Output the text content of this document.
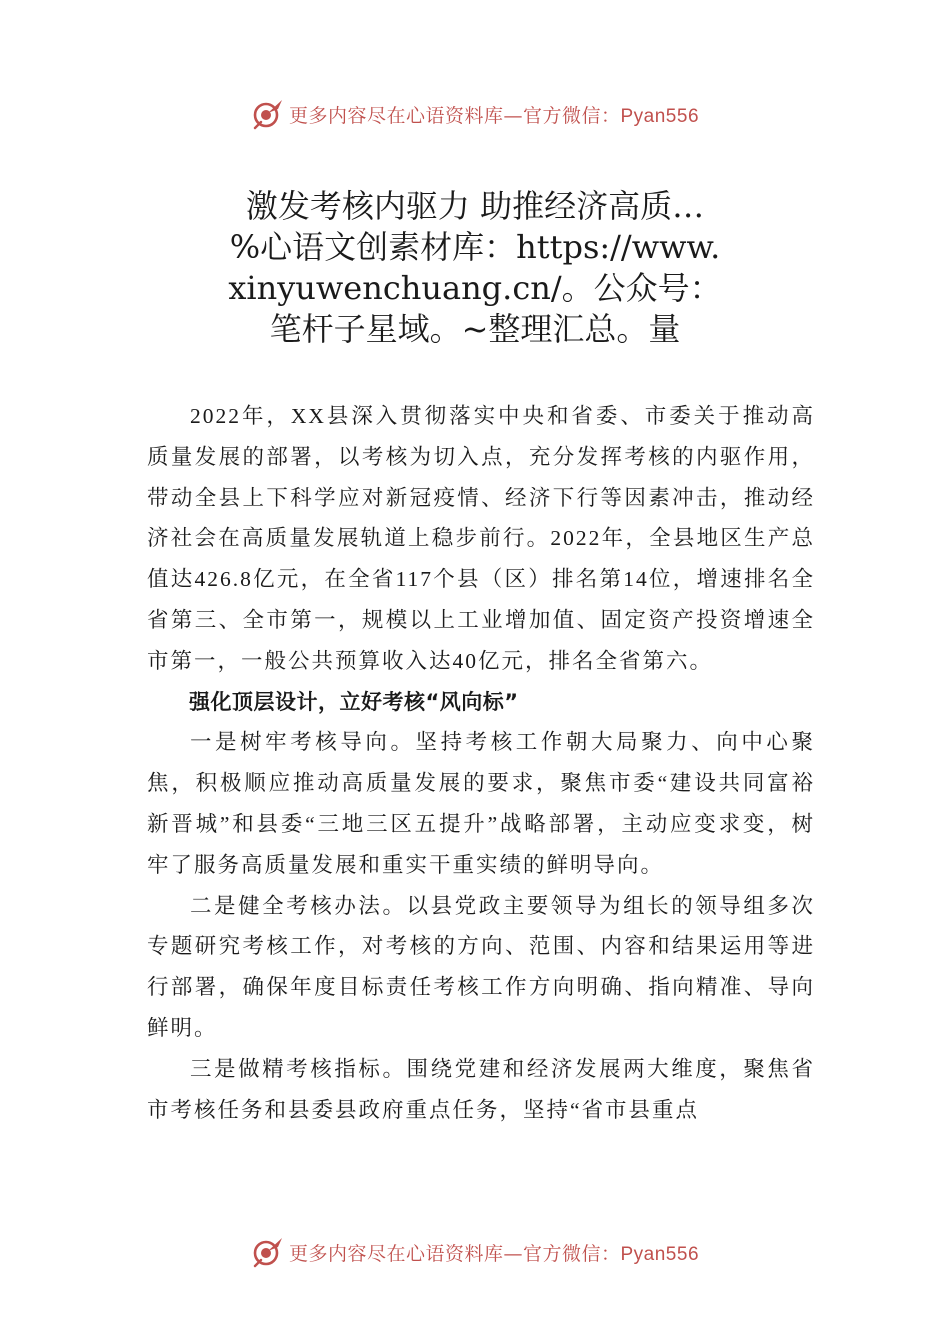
更多内容尽在心语资料库—官方微信：Pyan556
激发考核内驱力 助推经济高质…
%心语文创素材库：https://www.
xinyuwenchuang.cn/。公众号：
笔杆子星域。~整理汇总。量

2022年，XX县深入贯彻落实中央和省委、市委关于推动高质量发展的部署，以考核为切入点，充分发挥考核的内驱作用，带动全县上下科学应对新冠疫情、经济下行等因素冲击，推动经济社会在高质量发展轨道上稳步前行。2022年，全县地区生产总值达426.8亿元，在全省117个县（区）排名第14位，增速排名全省第三、全市第一，规模以上工业增加值、固定资产投资增速全市第一，一般公共预算收入达40亿元，排名全省第六。

强化顶层设计，立好考核“风向标”

一是树牢考核导向。坚持考核工作朝大局聚力、向中心聚焦，积极顺应推动高质量发展的要求，聚焦市委“建设共同富裕新晋城”和县委“三地三区五提升”战略部署，主动应变求变，树牢了服务高质量发展和重实干重实绩的鲜明导向。

二是健全考核办法。以县党政主要领导为组长的领导组多次专题研究考核工作，对考核的方向、范围、内容和结果运用等进行部署，确保年度目标责任考核工作方向明确、指向精准、导向鲜明。

三是做精考核指标。围绕党建和经济发展两大维度，聚焦省市考核任务和县委县政府重点任务，坚持“省市县重点

更多内容尽在心语资料库—官方微信：Pyan556
